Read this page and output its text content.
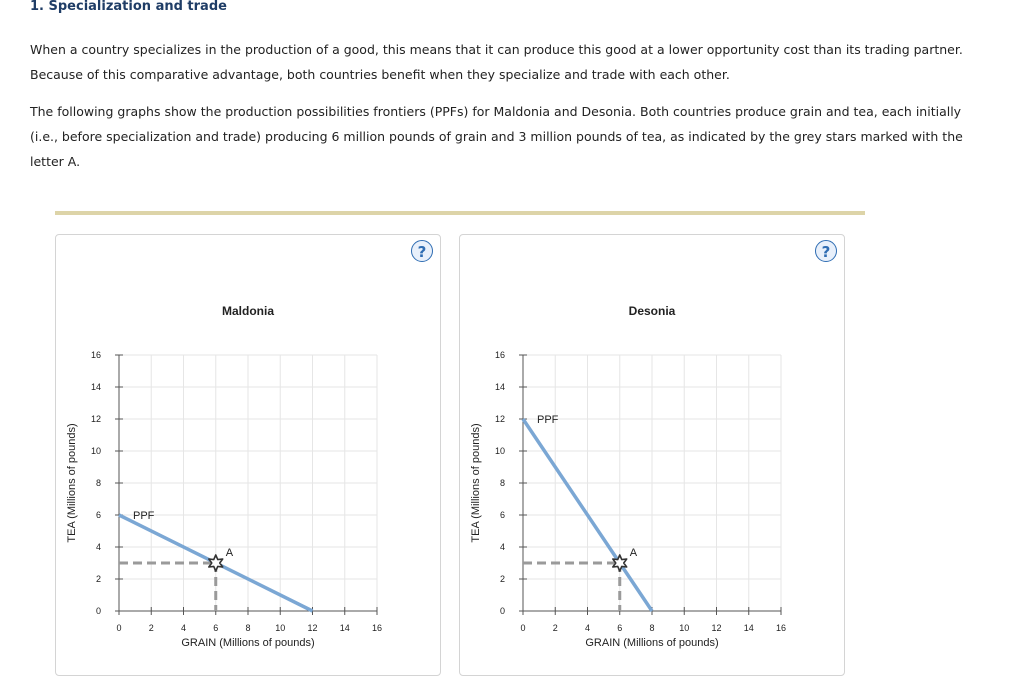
1. Specialization and trade

When a country specializes in the production of a good, this means that it can produce this good at a lower opportunity cost than its trading partner. Because of this comparative advantage, both countries benefit when they specialize and trade with each other.

The following graphs show the production possibilities frontiers (PPFs) for Maldonia and Desonia. Both countries produce grain and tea, each initially (i.e., before specialization and trade) producing 6 million pounds of grain and 3 million pounds of tea, as indicated by the grey stars marked with the letter A.

?
Maldonia
0
2
4
6
8
10
12
14
16
0	2	4	6	8	10 12 14 16
GRAIN (Millions of pounds)
TEA (Millions of pounds)	PPF
A
?
Desonia
0
2
4
6
8
10
12
14
16
0	2	4	6	8	10 12 14 16
GRAIN (Millions of pounds)
TEA (Millions of pounds)
PPF
A
